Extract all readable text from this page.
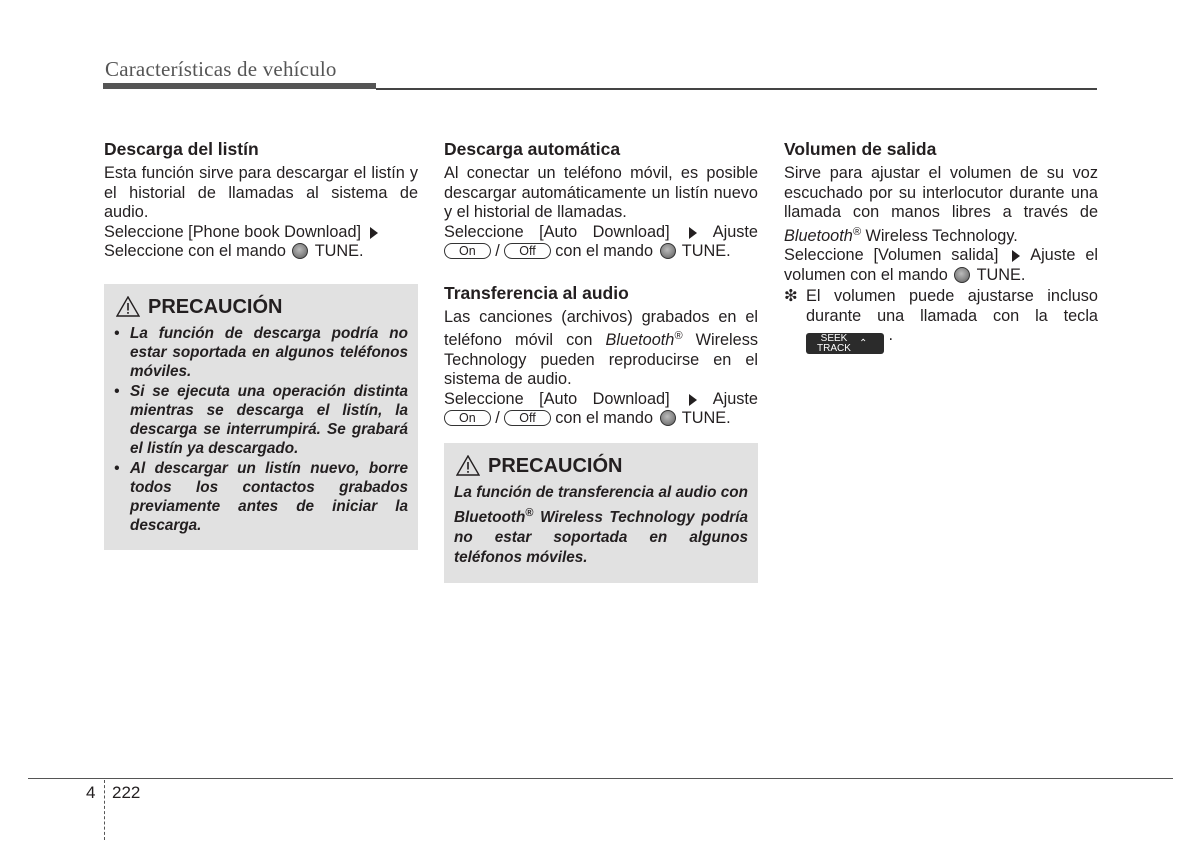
Características de vehículo
Descarga del listín

Esta función sirve para descargar el listín y el historial de llamadas al sistema de audio.

Seleccione [Phone book Download]
Seleccione con el mando TUNE.

PRECAUCIÓN
• La función de descarga podría no estar soportada en algunos teléfonos móviles.
• Si se ejecuta una operación distinta mientras se descarga el listín, la descarga se interrumpirá. Se grabará el listín ya descargado.
• Al descargar un listín nuevo, borre todos los contactos grabados previamente antes de iniciar la descarga.
Descarga automática

Al conectar un teléfono móvil, es posible descargar automáticamente un listín nuevo y el historial de llamadas.

Seleccione [Auto Download]	Ajuste

On / Off con el mando TUNE.

Transferencia al audio

Las canciones (archivos) grabados en el teléfono móvil con Bluetooth® Wireless Technology pueden reproducirse en el sistema de audio.

Seleccione [Auto Download]	Ajuste

On / Off con el mando TUNE.

PRECAUCIÓN

La función de transferencia al audio con Bluetooth® Wireless Technology podría no estar soportada en algunos teléfonos móviles.

Volumen de salida

Sirve para ajustar el volumen de su voz escuchado por su interlocutor durante una llamada con manos libres a través de Bluetooth® Wireless Technology.

Seleccione [Volumen salida] Ajuste el volumen con el mando TUNE.

❇ El volumen puede ajustarse incluso durante una llamada con la tecla
⌄	SEEK
TRACK ⌃	.

4 222
